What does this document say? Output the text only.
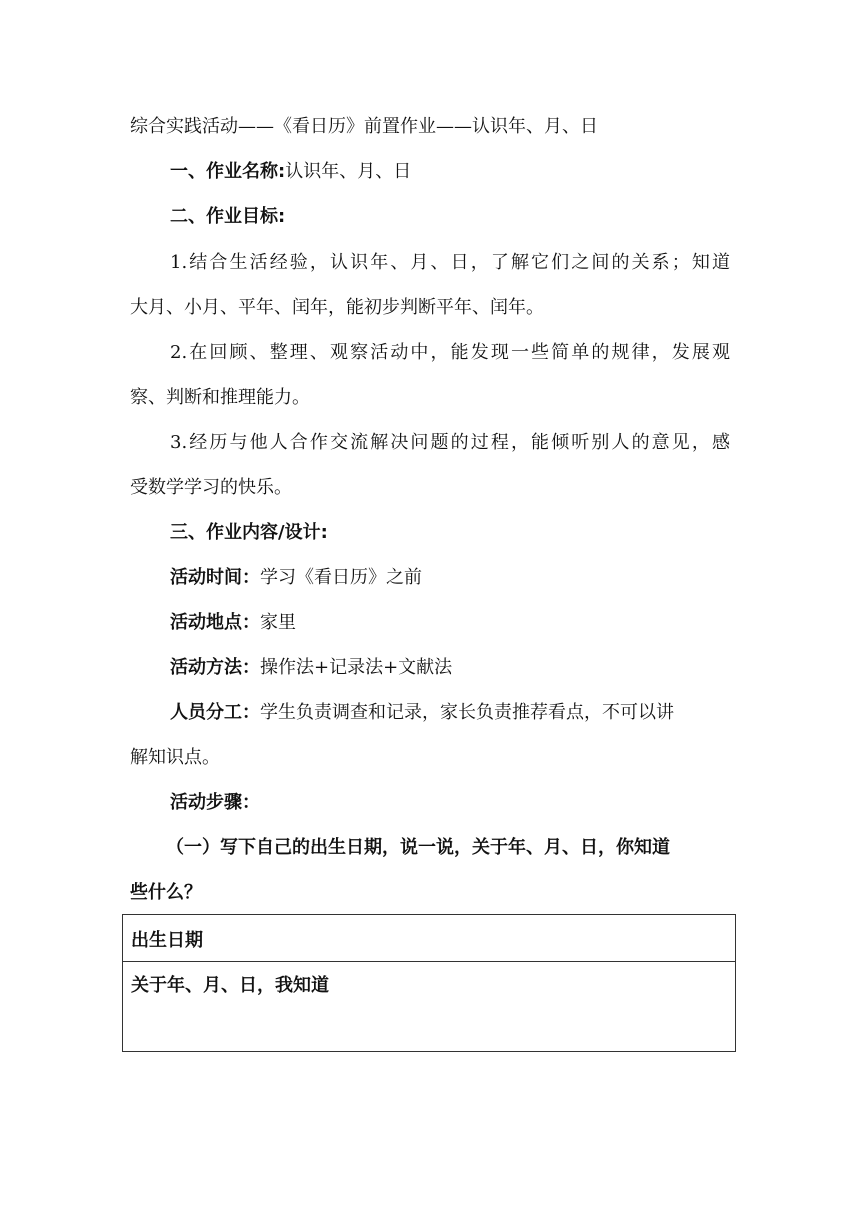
综合实践活动——《看日历》前置作业——认识年、月、日
一、作业名称:认识年、月、日
二、作业目标:
1.结合生活经验，认识年、月、日，了解它们之间的关系；知道
大月、小月、平年、闰年，能初步判断平年、闰年。
2.在回顾、整理、观察活动中，能发现一些简单的规律，发展观
察、判断和推理能力。
3.经历与他人合作交流解决问题的过程，能倾听别人的意见，感
受数学学习的快乐。
三、作业内容/设计:
活动时间：学习《看日历》之前
活动地点：家里
活动方法：操作法+记录法+文献法
人员分工：学生负责调查和记录，家长负责推荐看点，不可以讲
解知识点。
活动步骤：
（一）写下自己的出生日期，说一说，关于年、月、日，你知道
些什么？
出生日期
关于年、月、日，我知道
